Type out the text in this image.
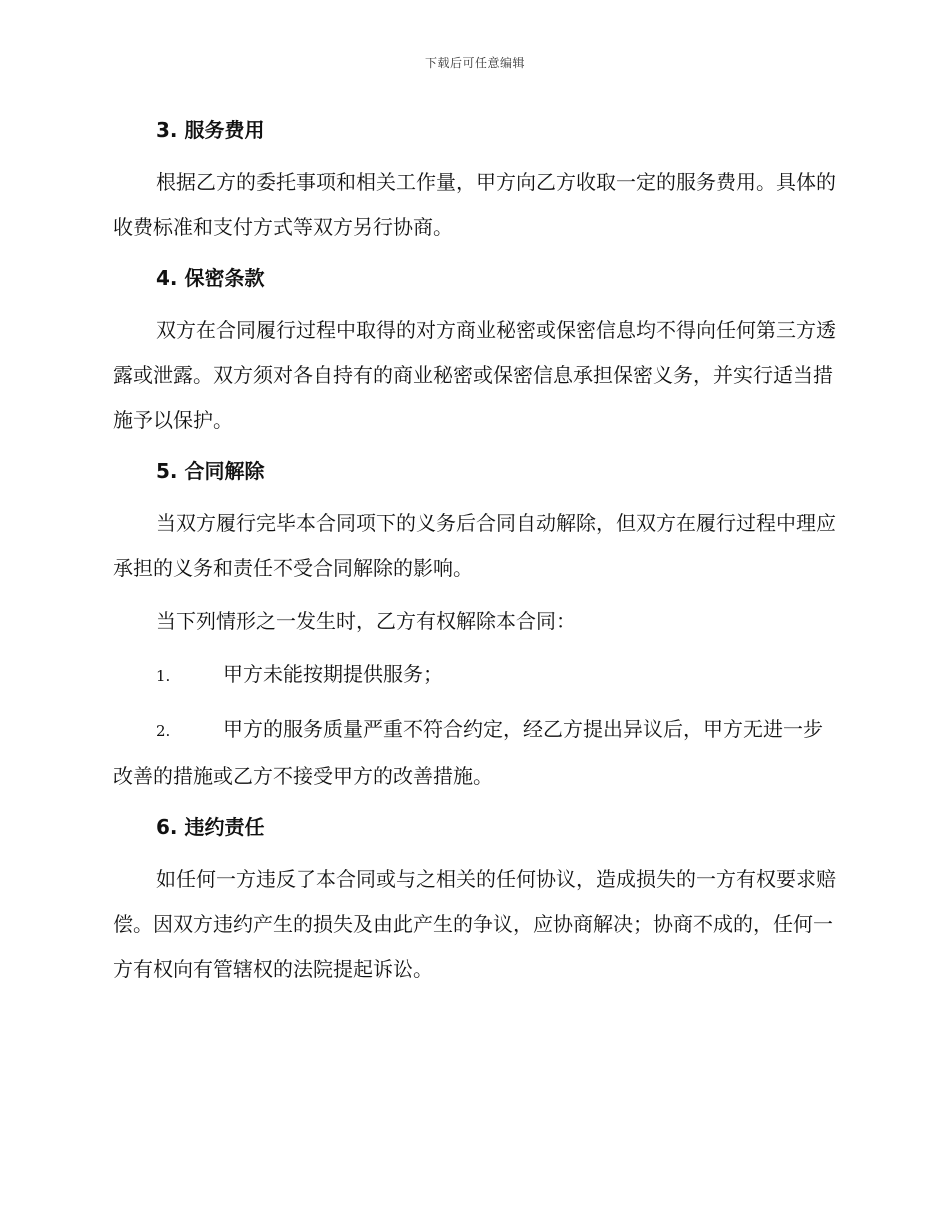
下载后可任意编辑
3. 服务费用

根据乙方的委托事项和相关工作量，甲方向乙方收取一定的服务费用。具体的收费标准和支付方式等双方另行协商。

4. 保密条款

双方在合同履行过程中取得的对方商业秘密或保密信息均不得向任何第三方透露或泄露。双方须对各自持有的商业秘密或保密信息承担保密义务，并实行适当措施予以保护。

5. 合同解除

当双方履行完毕本合同项下的义务后合同自动解除，但双方在履行过程中理应承担的义务和责任不受合同解除的影响。

当下列情形之一发生时，乙方有权解除本合同：

1.	甲方未能按期提供服务；

2.	甲方的服务质量严重不符合约定，经乙方提出异议后，甲方无进一步改善的措施或乙方不接受甲方的改善措施。

6. 违约责任

如任何一方违反了本合同或与之相关的任何协议，造成损失的一方有权要求赔偿。因双方违约产生的损失及由此产生的争议，应协商解决；协商不成的，任何一方有权向有管辖权的法院提起诉讼。
